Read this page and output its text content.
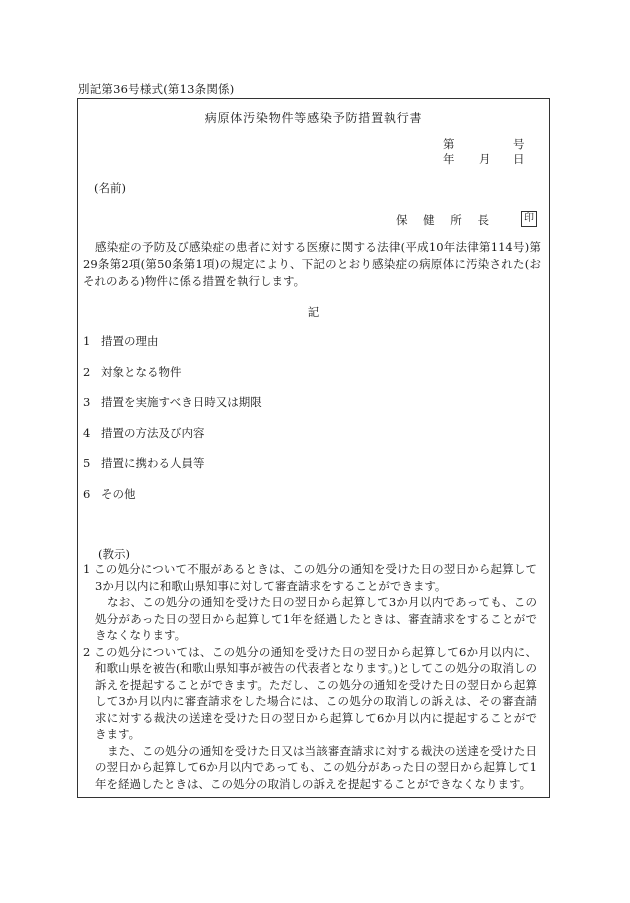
別記第36号様式(第13条関係)
病原体汚染物件等感染予防措置執行書
第	号
年 月 日
(名前)
保 健 所 長	印
感染症の予防及び感染症の患者に対する医療に関する法律(平成10年法律第114号)第29条第2項(第50条第1項)の規定により、下記のとおり感染症の病原体に汚染された(おそれのある)物件に係る措置を執行します。
記
1 措置の理由
2 対象となる物件
3 措置を実施すべき日時又は期限
4 措置の方法及び内容
5 措置に携わる人員等
6 その他
(教示)

1 この処分について不服があるときは、この処分の通知を受けた日の翌日から起算して3か月以内に和歌山県知事に対して審査請求をすることができます。

なお、この処分の通知を受けた日の翌日から起算して3か月以内であっても、この処分があった日の翌日から起算して1年を経過したときは、審査請求をすることができなくなります。

2 この処分については、この処分の通知を受けた日の翌日から起算して6か月以内に、和歌山県を被告(和歌山県知事が被告の代表者となります。)としてこの処分の取消しの訴えを提起することができます。ただし、この処分の通知を受けた日の翌日から起算して3か月以内に審査請求をした場合には、この処分の取消しの訴えは、その審査請求に対する裁決の送達を受けた日の翌日から起算して6か月以内に提起することができます。

また、この処分の通知を受けた日又は当該審査請求に対する裁決の送達を受けた日の翌日から起算して6か月以内であっても、この処分があった日の翌日から起算して1年を経過したときは、この処分の取消しの訴えを提起することができなくなります。
